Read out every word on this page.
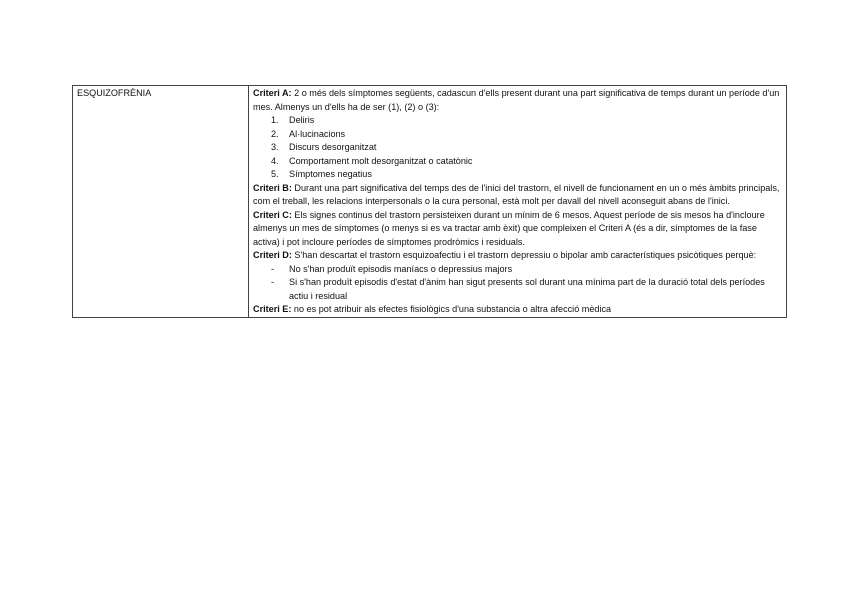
ESQUIZOFRÈNIA	Criteri A: 2 o més dels símptomes següents, cadascun d'ells present durant una part significativa de temps durant un període d'un mes. Almenys un d'ells ha de ser (1), (2) o (3):

1. Deliris
2. Al·lucinacions
3. Discurs desorganitzat
4. Comportament molt desorganitzat o catatònic
5. Símptomes negatius

Criteri B: Durant una part significativa del temps des de l'inici del trastorn, el nivell de funcionament en un o més àmbits principals, com el treball, les relacions interpersonals o la cura personal, està molt per davall del nivell aconseguit abans de l'inici.

Criteri C: Els signes continus del trastorn persisteixen durant un mínim de 6 mesos. Aquest període de sis mesos ha d'incloure almenys un mes de símptomes (o menys si es va tractar amb èxit) que compleixen el Criteri A (és a dir, símptomes de la fase activa) i pot incloure períodes de símptomes prodròmics i residuals.

Criteri D: S'han descartat el trastorn esquizoafectiu i el trastorn depressiu o bipolar amb característiques psicòtiques perquè:

- No s'han produït episodis maníacs o depressius majors
- Si s'han produït episodis d'estat d'ànim han sigut presents sol durant una mínima part de la duració total dels períodes actiu i residual

Criteri E: no es pot atribuir als efectes fisiològics d'una substancia o altra afecció mèdica
